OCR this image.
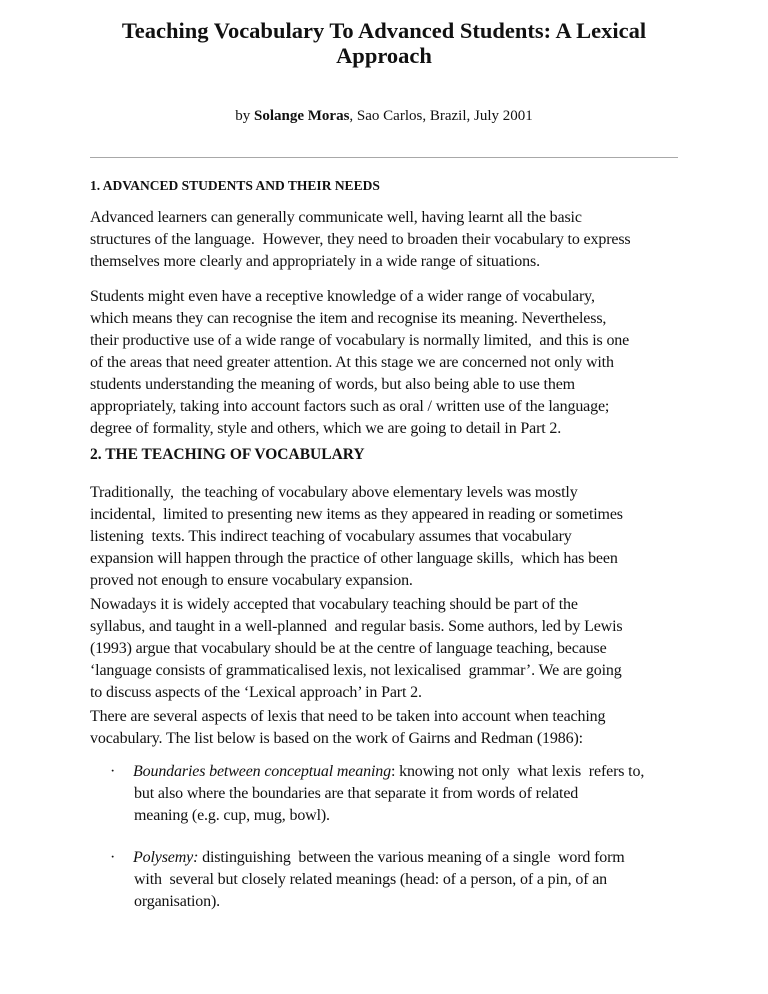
Teaching Vocabulary To Advanced Students: A Lexical
Approach
by Solange Moras, Sao Carlos, Brazil, July 2001
1. ADVANCED STUDENTS AND THEIR NEEDS
Advanced learners can generally communicate well, having learnt all the basic
structures of the language.  However, they need to broaden their vocabulary to express
themselves more clearly and appropriately in a wide range of situations.
Students might even have a receptive knowledge of a wider range of vocabulary,
which means they can recognise the item and recognise its meaning. Nevertheless,
their productive use of a wide range of vocabulary is normally limited,  and this is one
of the areas that need greater attention. At this stage we are concerned not only with
students understanding the meaning of words, but also being able to use them
appropriately, taking into account factors such as oral / written use of the language;
degree of formality, style and others, which we are going to detail in Part 2.
2. THE TEACHING OF VOCABULARY
Traditionally,  the teaching of vocabulary above elementary levels was mostly
incidental,  limited to presenting new items as they appeared in reading or sometimes
listening  texts. This indirect teaching of vocabulary assumes that vocabulary
expansion will happen through the practice of other language skills,  which has been
proved not enough to ensure vocabulary expansion.
Nowadays it is widely accepted that vocabulary teaching should be part of the
syllabus, and taught in a well-planned  and regular basis. Some authors, led by Lewis
(1993) argue that vocabulary should be at the centre of language teaching, because
‘language consists of grammaticalised lexis, not lexicalised  grammar’. We are going
to discuss aspects of the ‘Lexical approach’ in Part 2.
There are several aspects of lexis that need to be taken into account when teaching
vocabulary. The list below is based on the work of Gairns and Redman (1986):
· Boundaries between conceptual meaning: knowing not only  what lexis  refers to,
but also where the boundaries are that separate it from words of related
meaning (e.g. cup, mug, bowl).
· Polysemy: distinguishing  between the various meaning of a single  word form
with  several but closely related meanings (head: of a person, of a pin, of an
organisation).
